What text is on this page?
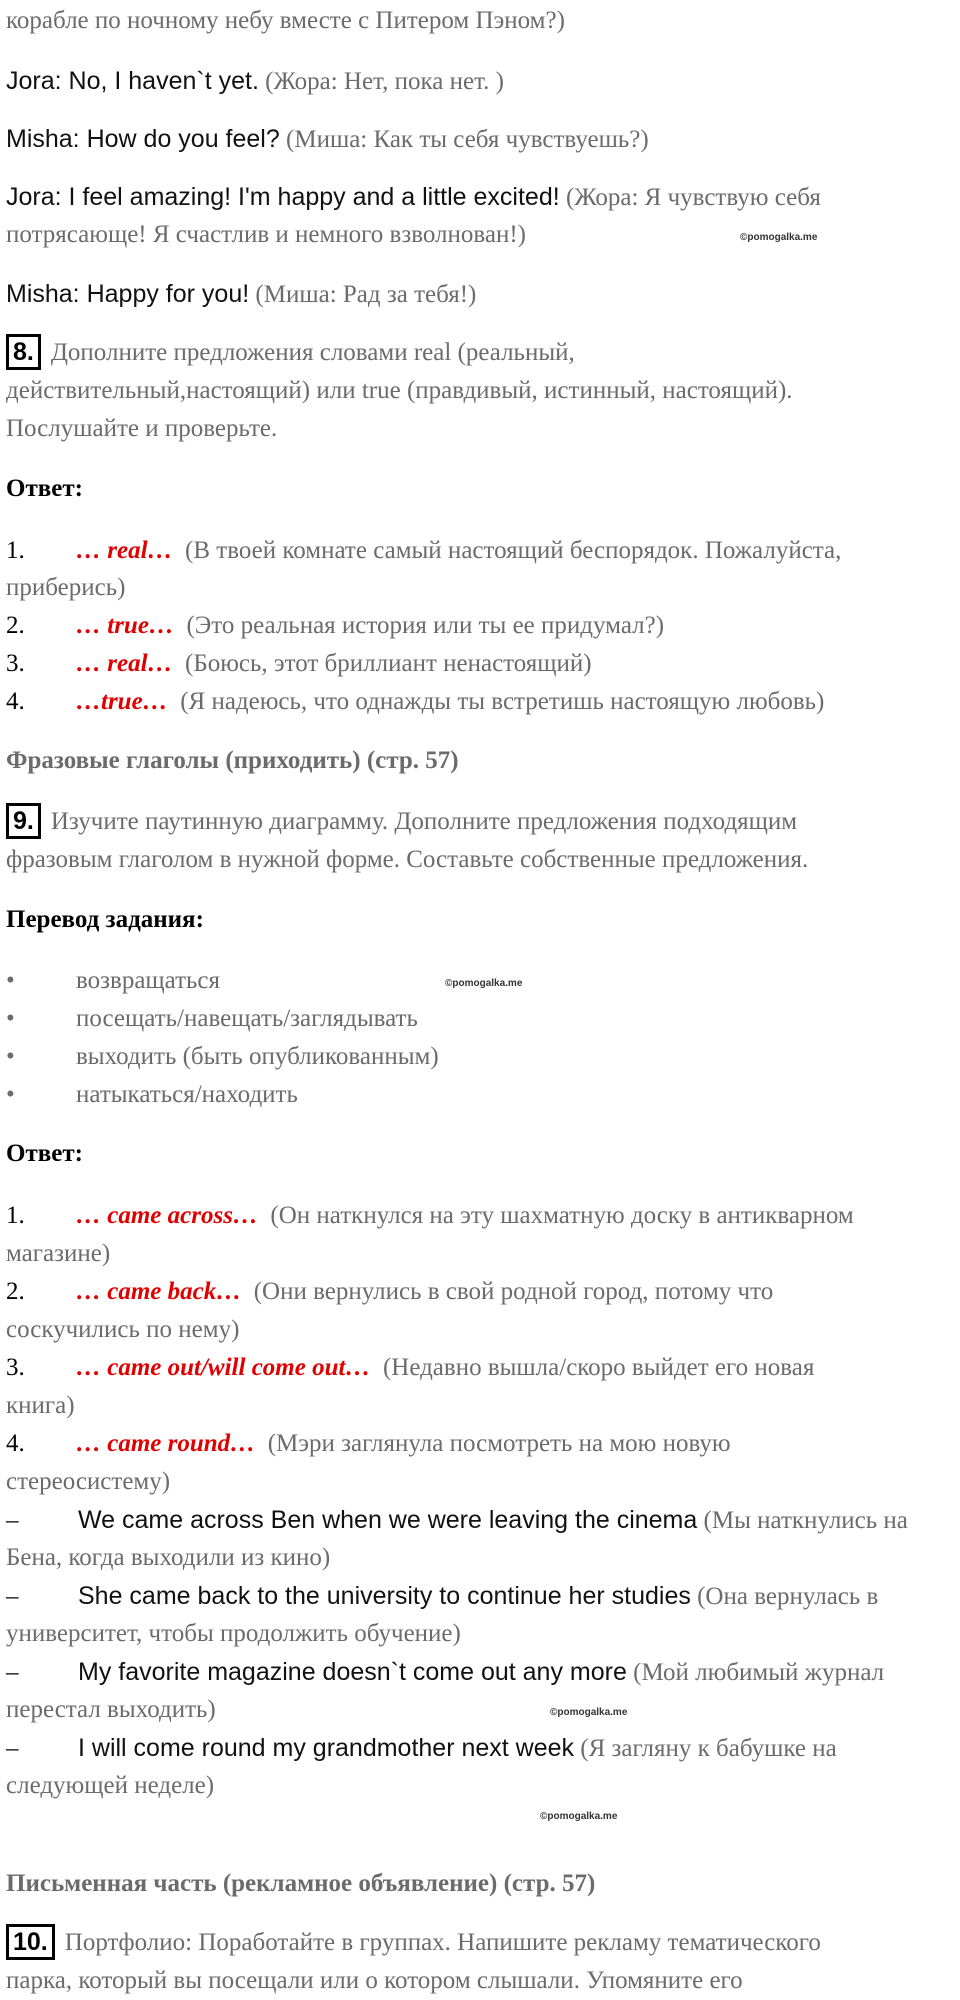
корабле по ночному небу вместе с Питером Пэном?)

Jora: No, I haven`t yet. (Жора: Нет, пока нет. )

Misha: How do you feel? (Миша: Как ты себя чувствуешь?)

Jora: I feel amazing! I'm happy and a little excited! (Жора: Я чувствую себя

потрясающе! Я счастлив и немного взволнован!)	©pomogalka.me

Misha: Happy for you! (Миша: Рад за тебя!)

8. Дополните предложения словами real (реальный,

действительный,настоящий) или true (правдивый, истинный, настоящий).

Послушайте и проверьте.

Ответ:

1. … real… (В твоей комнате самый настоящий беспорядок. Пожалуйста,

приберись)

2. … true… (Это реальная история или ты ее придумал?)

3. … real… (Боюсь, этот бриллиант ненастоящий)

4. …true… (Я надеюсь, что однажды ты встретишь настоящую любовь)

Фразовые глаголы (приходить) (стр. 57)

9. Изучите паутинную диаграмму. Дополните предложения подходящим

фразовым глаголом в нужной форме. Составьте собственные предложения.

Перевод задания:

• возвращаться	©pomogalka.me

• посещать/навещать/заглядывать

• выходить (быть опубликованным)

• натыкаться/находить

Ответ:

1. … came across… (Он наткнулся на эту шахматную доску в антикварном

магазине)

2. … came back… (Они вернулись в свой родной город, потому что

соскучились по нему)

3. … came out/will come out… (Недавно вышла/скоро выйдет его новая

книга)

4. … came round… (Мэри заглянула посмотреть на мою новую

стереосистему)

– We came across Ben when we were leaving the cinema (Мы наткнулись на

Бена, когда выходили из кино)

– She came back to the university to continue her studies (Она вернулась в

университет, чтобы продолжить обучение)

– My favorite magazine doesn`t come out any more (Мой любимый журнал

перестал выходить)	©pomogalka.me

– I will come round my grandmother next week (Я загляну к бабушке на

следующей неделе)

©pomogalka.me

Письменная часть (рекламное объявление) (стр. 57)

10. Портфолио: Поработайте в группах. Напишите рекламу тематического

парка, который вы посещали или о котором слышали. Упомяните его
